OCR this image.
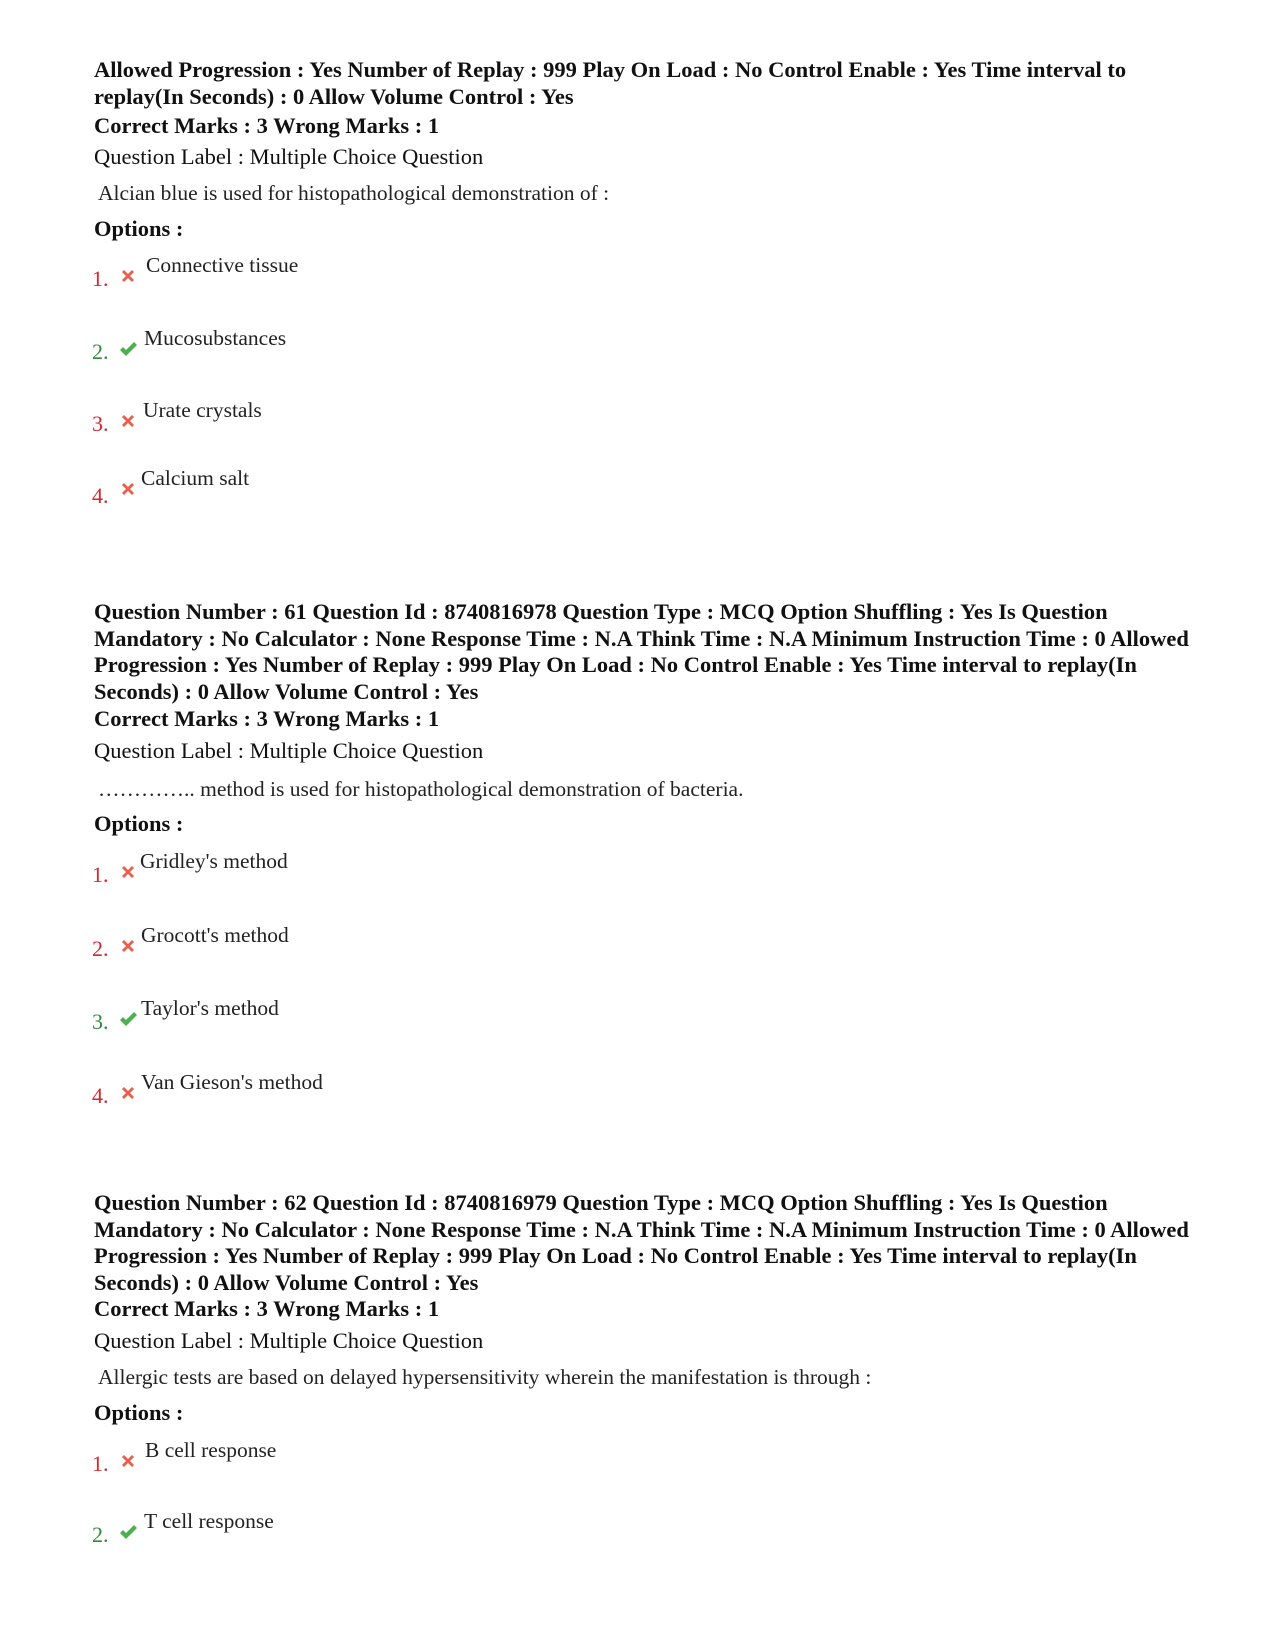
Allowed Progression : Yes Number of Replay : 999 Play On Load : No Control Enable : Yes Time interval to replay(In Seconds) : 0 Allow Volume Control : Yes

Correct Marks : 3 Wrong Marks : 1

Question Label : Multiple Choice Question

Alcian blue is used for histopathological demonstration of :

Options :

1.
Connective tissue
2.
Mucosubstances
3.
Urate crystals
4.
Calcium salt

Question Number : 61 Question Id : 8740816978 Question Type : MCQ Option Shuffling : Yes Is Question Mandatory : No Calculator : None Response Time : N.A Think Time : N.A Minimum Instruction Time : 0 Allowed Progression : Yes Number of Replay : 999 Play On Load : No Control Enable : Yes Time interval to replay(In Seconds) : 0 Allow Volume Control : Yes

Correct Marks : 3 Wrong Marks : 1

Question Label : Multiple Choice Question

………….. method is used for histopathological demonstration of bacteria.

Options :

1.
Gridley's method
2.
Grocott's method
3.
Taylor's method
4.
Van Gieson's method

Question Number : 62 Question Id : 8740816979 Question Type : MCQ Option Shuffling : Yes Is Question Mandatory : No Calculator : None Response Time : N.A Think Time : N.A Minimum Instruction Time : 0 Allowed Progression : Yes Number of Replay : 999 Play On Load : No Control Enable : Yes Time interval to replay(In Seconds) : 0 Allow Volume Control : Yes

Correct Marks : 3 Wrong Marks : 1

Question Label : Multiple Choice Question

Allergic tests are based on delayed hypersensitivity wherein the manifestation is through :

Options :

1.
B cell response
2.
T cell response
